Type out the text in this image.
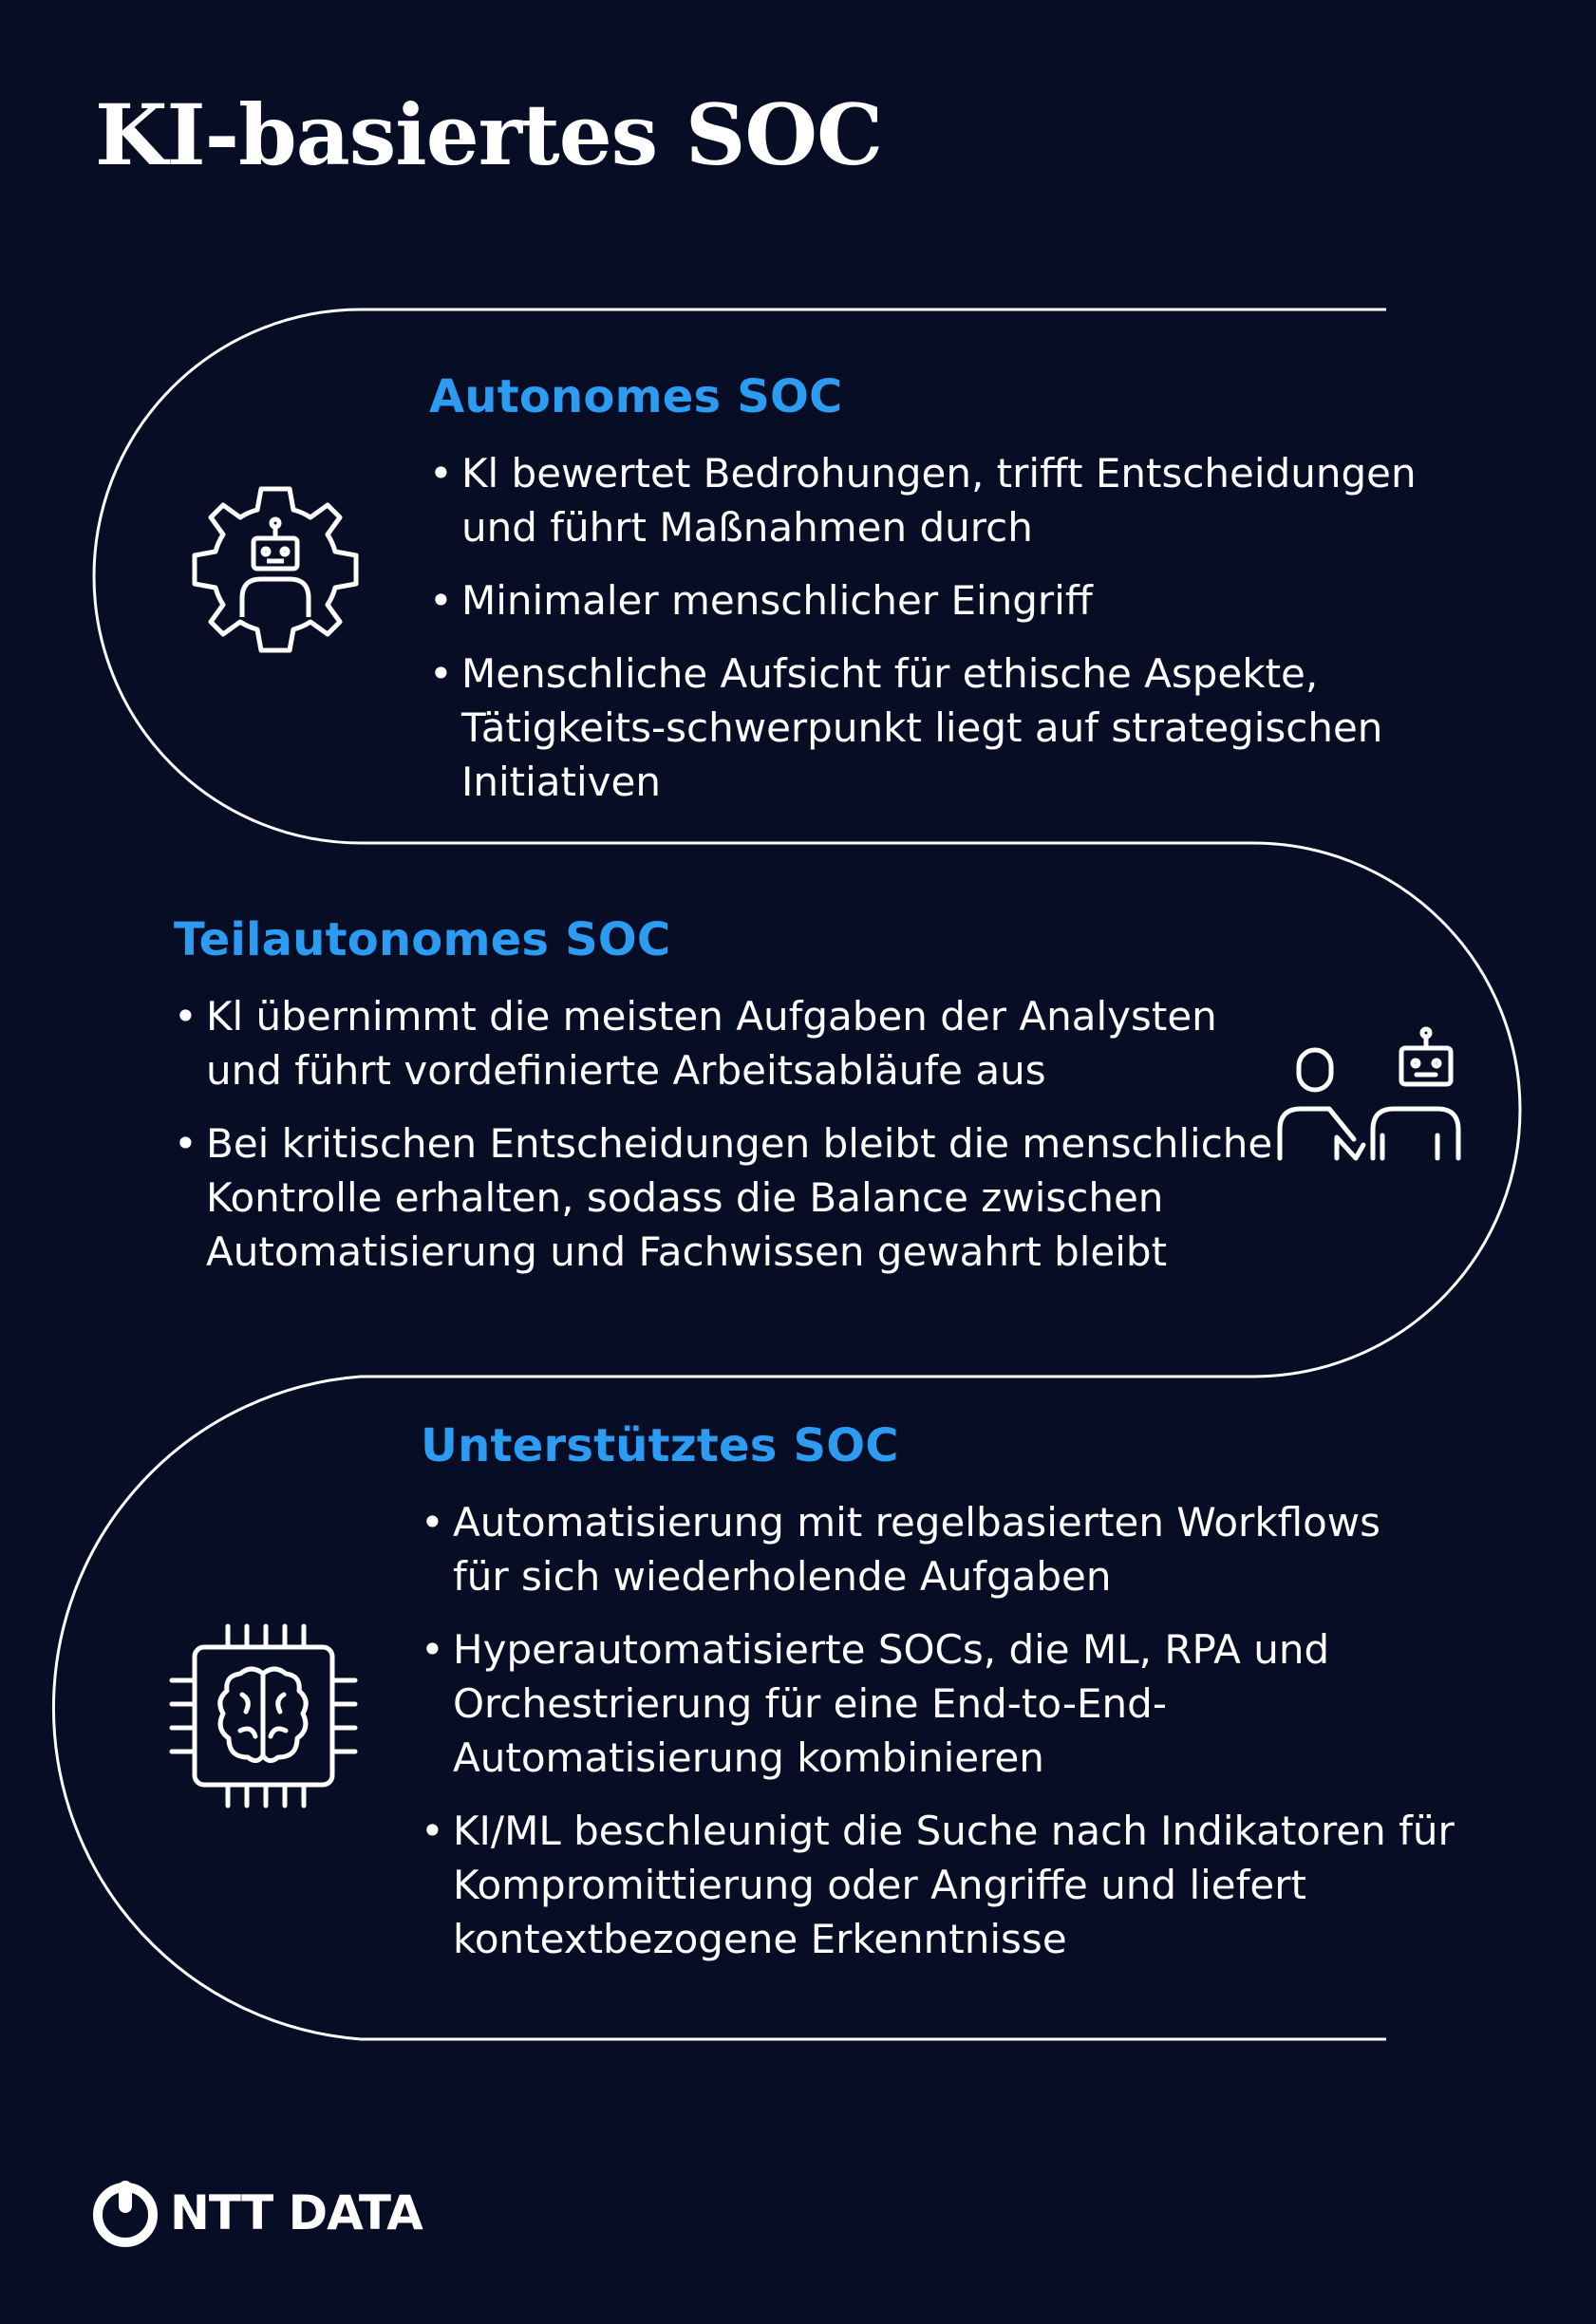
KI-basiertes SOC
Autonomes SOC
• Kl bewertet Bedrohungen, trifft Entscheidungen und führt Maßnahmen durch
• Minimaler menschlicher Eingriff
• Menschliche Aufsicht für ethische Aspekte, Tätigkeits-schwerpunkt liegt auf strategischen Initiativen
Teilautonomes SOC
• Kl übernimmt die meisten Aufgaben der Analysten und führt vordefinierte Arbeitsabläufe aus
• Bei kritischen Entscheidungen bleibt die menschliche Kontrolle erhalten, sodass die Balance zwischen Automatisierung und Fachwissen gewahrt bleibt
Unterstütztes SOC
• Automatisierung mit regelbasierten Workflows für sich wiederholende Aufgaben
• Hyperautomatisierte SOCs, die ML, RPA und Orchestrierung für eine End-to-End-Automatisierung kombinieren
• KI/ML beschleunigt die Suche nach Indikatoren für Kompromittierung oder Angriffe und liefert kontextbezogene Erkenntnisse
NTT DATA
